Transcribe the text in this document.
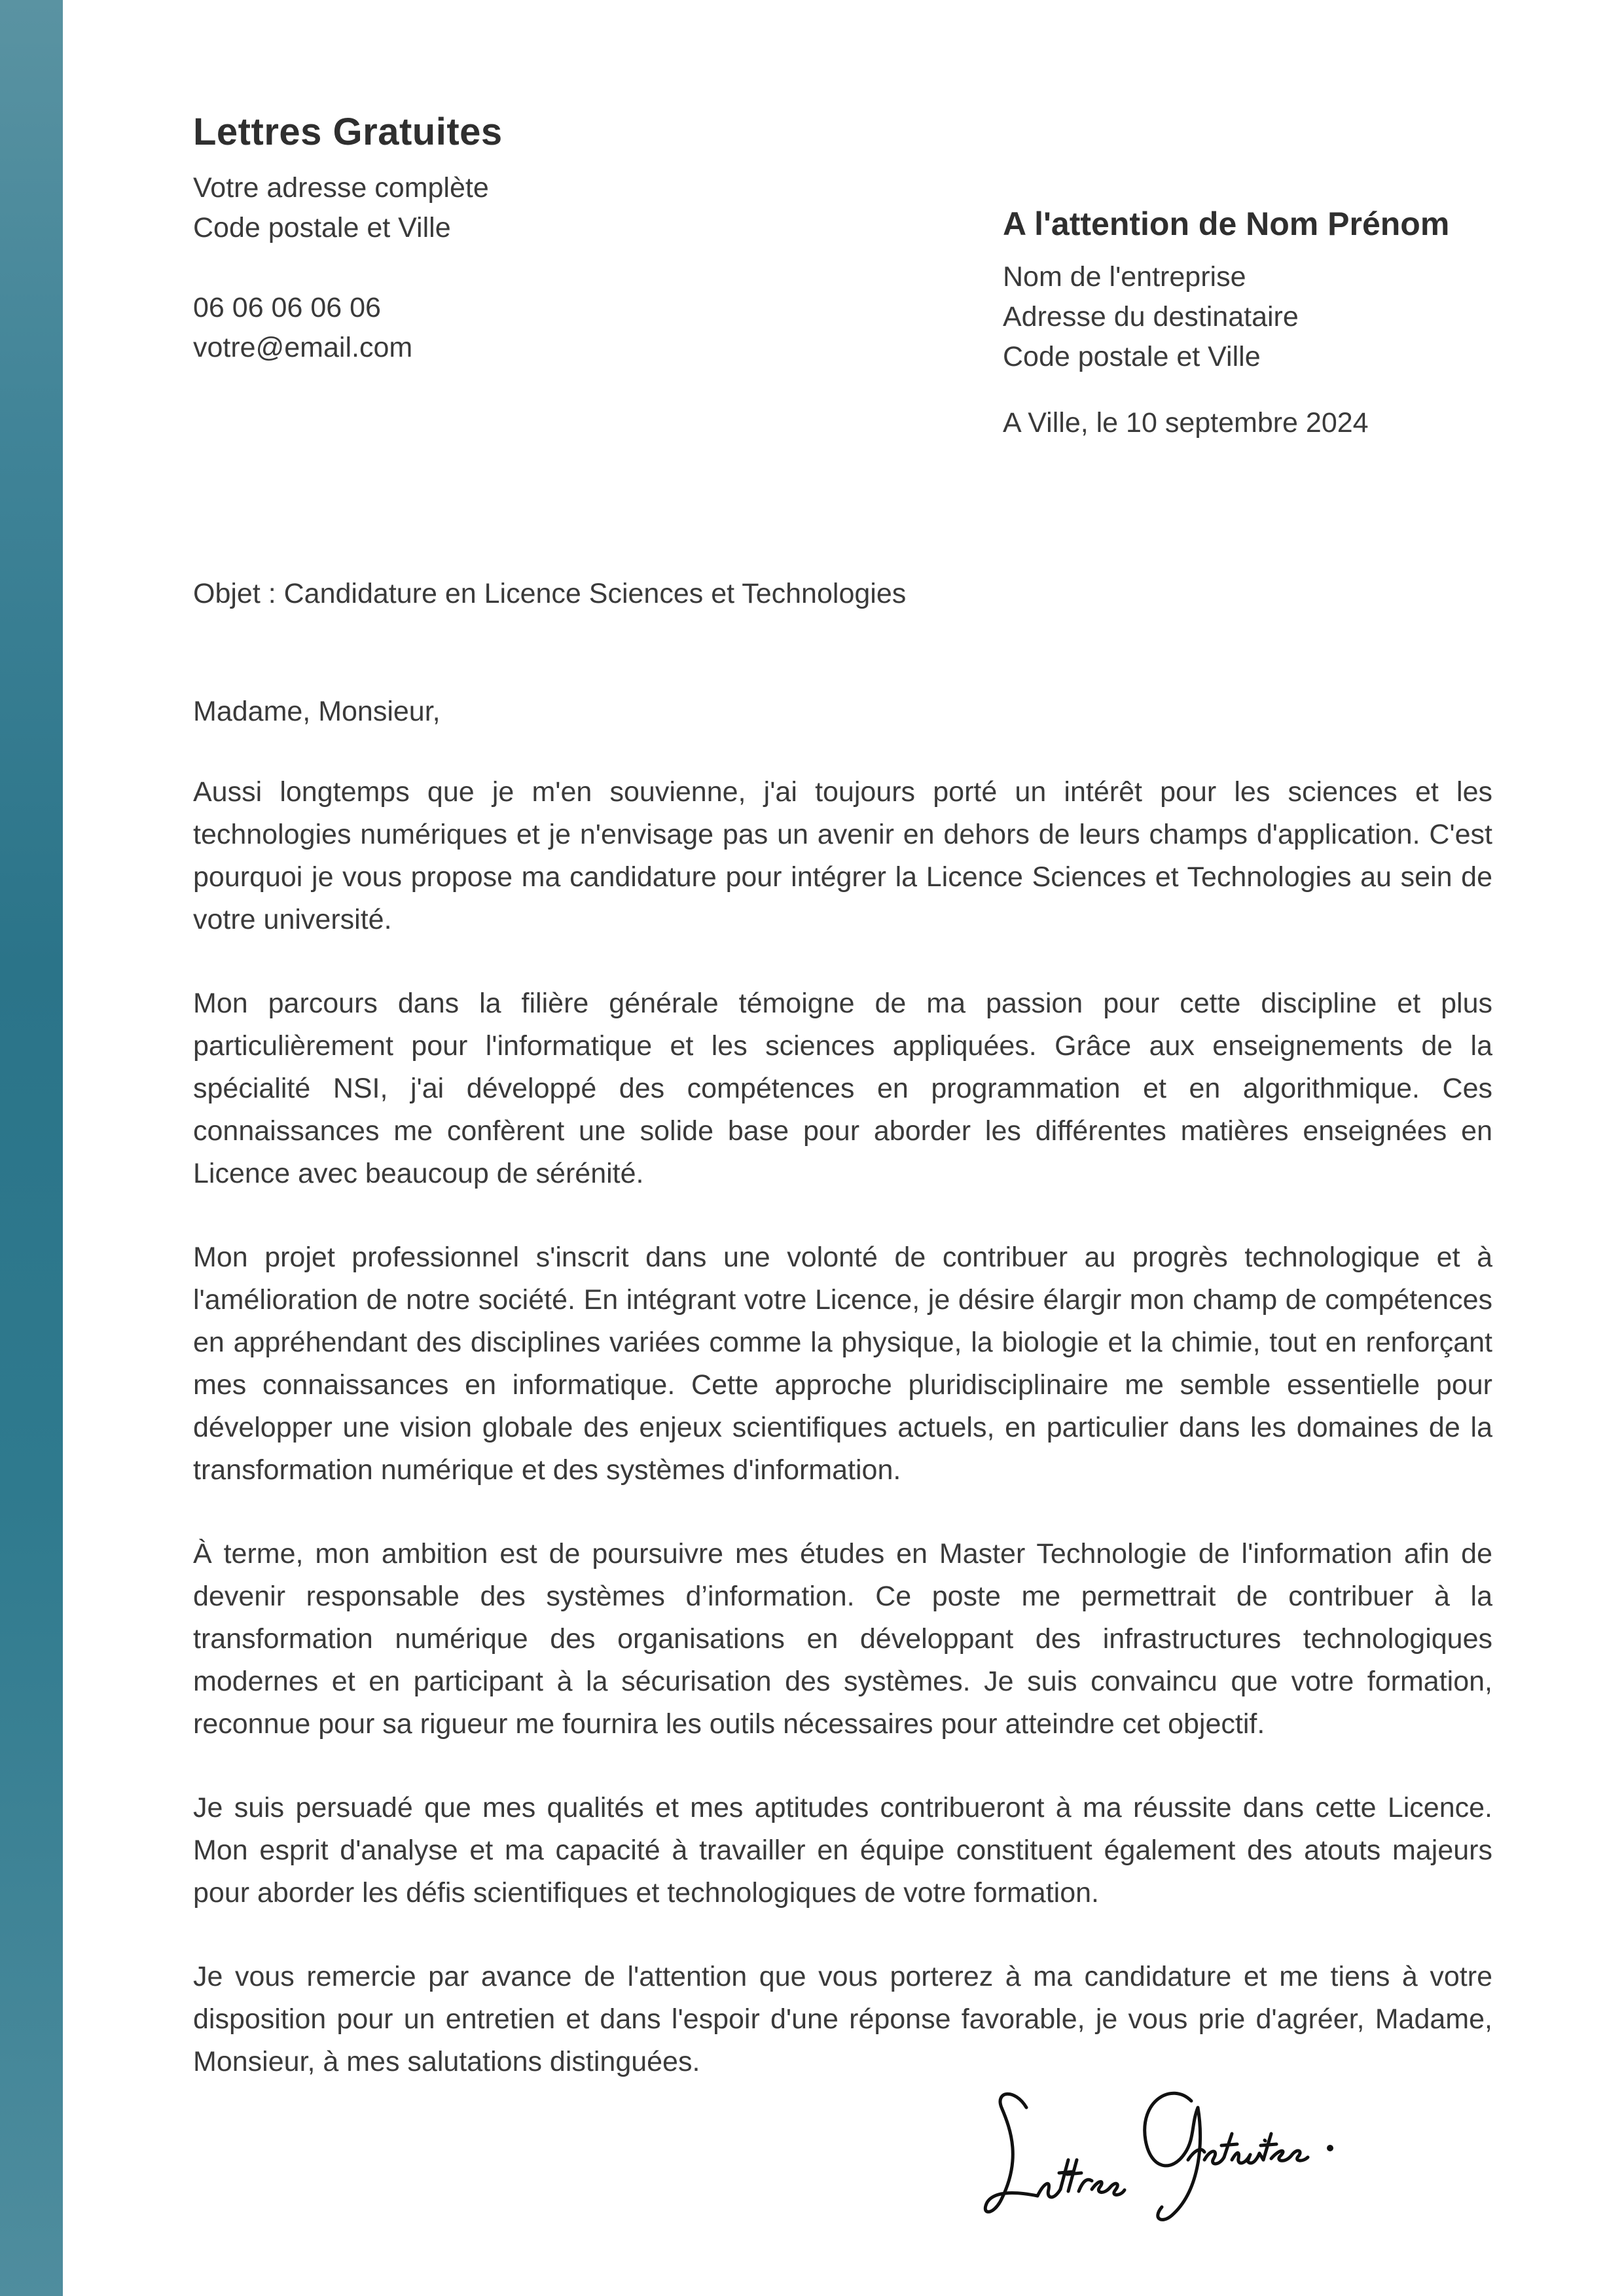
Lettres Gratuites
Votre adresse complète
Code postale et Ville
06 06 06 06 06
votre@email.com
A l'attention de Nom Prénom
Nom de l'entreprise
Adresse du destinataire
Code postale et Ville
A Ville, le 10 septembre 2024
Objet : Candidature en Licence Sciences et Technologies
Madame, Monsieur,

Aussi longtemps que je m'en souvienne, j'ai toujours porté un intérêt pour les sciences et les technologies numériques et je n'envisage pas un avenir en dehors de leurs champs d'application. C'est pourquoi je vous propose ma candidature pour intégrer la Licence Sciences et Technologies au sein de votre université.

Mon parcours dans la filière générale témoigne de ma passion pour cette discipline et plus particulièrement pour l'informatique et les sciences appliquées. Grâce aux enseignements de la spécialité NSI, j'ai développé des compétences en programmation et en algorithmique. Ces connaissances me confèrent une solide base pour aborder les différentes matières enseignées en Licence avec beaucoup de sérénité.

Mon projet professionnel s'inscrit dans une volonté de contribuer au progrès technologique et à l'amélioration de notre société. En intégrant votre Licence, je désire élargir mon champ de compétences en appréhendant des disciplines variées comme la physique, la biologie et la chimie, tout en renforçant mes connaissances en informatique. Cette approche pluridisciplinaire me semble essentielle pour développer une vision globale des enjeux scientifiques actuels, en particulier dans les domaines de la transformation numérique et des systèmes d'information.

À terme, mon ambition est de poursuivre mes études en Master Technologie de l'information afin de devenir responsable des systèmes d’information. Ce poste me permettrait de contribuer à la transformation numérique des organisations en développant des infrastructures technologiques modernes et en participant à la sécurisation des systèmes. Je suis convaincu que votre formation, reconnue pour sa rigueur me fournira les outils nécessaires pour atteindre cet objectif.

Je suis persuadé que mes qualités et mes aptitudes contribueront à ma réussite dans cette Licence. Mon esprit d'analyse et ma capacité à travailler en équipe constituent également des atouts majeurs pour aborder les défis scientifiques et technologiques de votre formation.

Je vous remercie par avance de l'attention que vous porterez à ma candidature et me tiens à votre disposition pour un entretien et dans l'espoir d'une réponse favorable, je vous prie d'agréer, Madame, Monsieur, à mes salutations distinguées.
